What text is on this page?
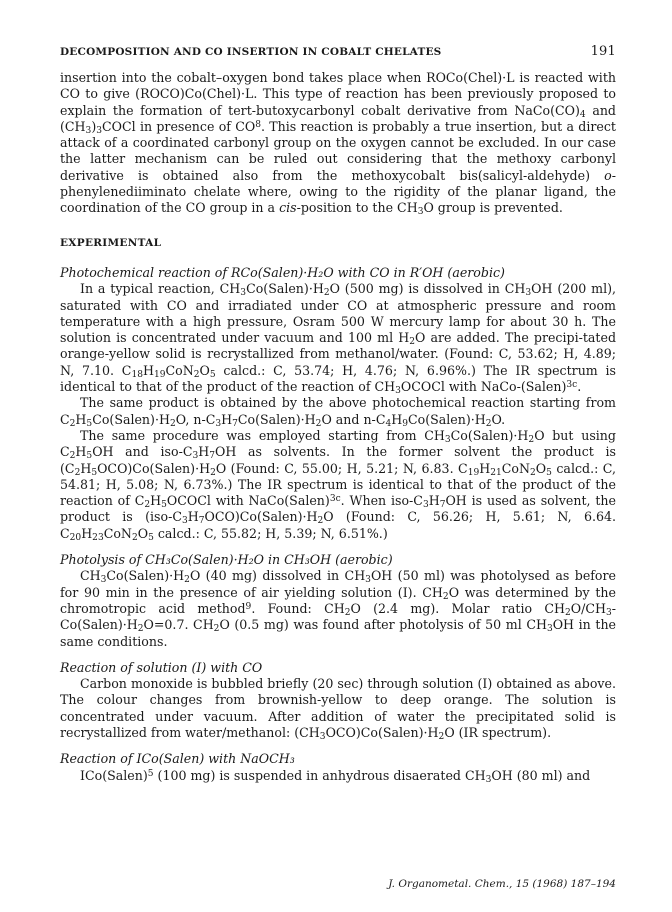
DECOMPOSITION AND CO INSERTION IN COBALT CHELATES	191

insertion into the cobalt–oxygen bond takes place when ROCo(Chel)·L is reacted with CO to give (ROCO)Co(Chel)·L. This type of reaction has been previously proposed to explain the formation of tert-butoxycarbonyl cobalt derivative from $NaCo(CO)_4$ and $(CH_3)_3COCl$ in presence of $CO^8$. This reaction is probably a true insertion, but a direct attack of a coordinated carbonyl group on the oxygen cannot be excluded. In our case the latter mechanism can be ruled out considering that the methoxy carbonyl derivative is obtained also from the methoxycobalt bis(salicyl-aldehyde) o-phenylenediiminato chelate where, owing to the rigidity of the planar ligand, the coordination of the CO group in a cis-position to the $CH_3O$ group is prevented.

EXPERIMENTAL
Photochemical reaction of RCo(Salen)·H₂O with CO in R′OH (aerobic)

In a typical reaction, $CH_3Co(Salen)\cdot H_2O$ (500 mg) is dissolved in $CH_3OH$ (200 ml), saturated with CO and irradiated under CO at atmospheric pressure and room temperature with a high pressure, Osram 500 W mercury lamp for about 30 h. The solution is concentrated under vacuum and 100 ml $H_2O$ are added. The precipi-tated orange-yellow solid is recrystallized from methanol/water. (Found: C, 53.62; H, 4.89; N, 7.10. $C_{18}H_{19}CoN_2O_5$ calcd.: C, 53.74; H, 4.76; N, 6.96%.) The IR spectrum is identical to that of the product of the reaction of $CH_3OCOCl$ with NaCo-(Salen)$^{3c}$.

The same product is obtained by the above photochemical reaction starting from $C_2H_5Co(Salen)\cdot H_2O$, $n-C_3H_7Co(Salen)\cdot H_2O$ and $n-C_4H_9Co(Salen)\cdot H_2O$.

The same procedure was employed starting from $CH_3Co(Salen)\cdot H_2O$ but using $C_2H_5OH$ and iso-$C_3H_7OH$ as solvents. In the former solvent the product is $(C_2H_5OCO)Co(Salen)\cdot H_2O$ (Found: C, 55.00; H, 5.21; N, 6.83. $C_{19}H_{21}CoN_2O_5$ calcd.: C, 54.81; H, 5.08; N, 6.73%.) The IR spectrum is identical to that of the product of the reaction of $C_2H_5OCOCl$ with NaCo(Salen)$^{3c}$. When iso-$C_3H_7OH$ is used as solvent, the product is $(iso-C_3H_7OCO)Co(Salen)\cdot H_2O$ (Found: C, 56.26; H, 5.61; N, 6.64. $C_{20}H_{23}CoN_2O_5$ calcd.: C, 55.82; H, 5.39; N, 6.51%.)

Photolysis of CH₃Co(Salen)·H₂O in CH₃OH (aerobic)

$CH_3Co(Salen)\cdot H_2O$ (40 mg) dissolved in $CH_3OH$ (50 ml) was photolysed as before for 90 min in the presence of air yielding solution (I). $CH_2O$ was determined by the chromotropic acid method$^9$. Found: $CH_2O$ (2.4 mg). Molar ratio $CH_2O/CH_3-Co(Salen)\cdot H_2O=0.7$. $CH_2O$ (0.5 mg) was found after photolysis of 50 ml $CH_3OH$ in the same conditions.

Reaction of solution (I) with CO

Carbon monoxide is bubbled briefly (20 sec) through solution (I) obtained as above. The colour changes from brownish-yellow to deep orange. The solution is concentrated under vacuum. After addition of water the precipitated solid is recrystallized from water/methanol: $(CH_3OCO)Co(Salen)\cdot H_2O$ (IR spectrum).

Reaction of ICo(Salen) with NaOCH₃

ICo(Salen)$^5$ (100 mg) is suspended in anhydrous disaerated $CH_3OH$ (80 ml) and

J. Organometal. Chem., 15 (1968) 187–194
